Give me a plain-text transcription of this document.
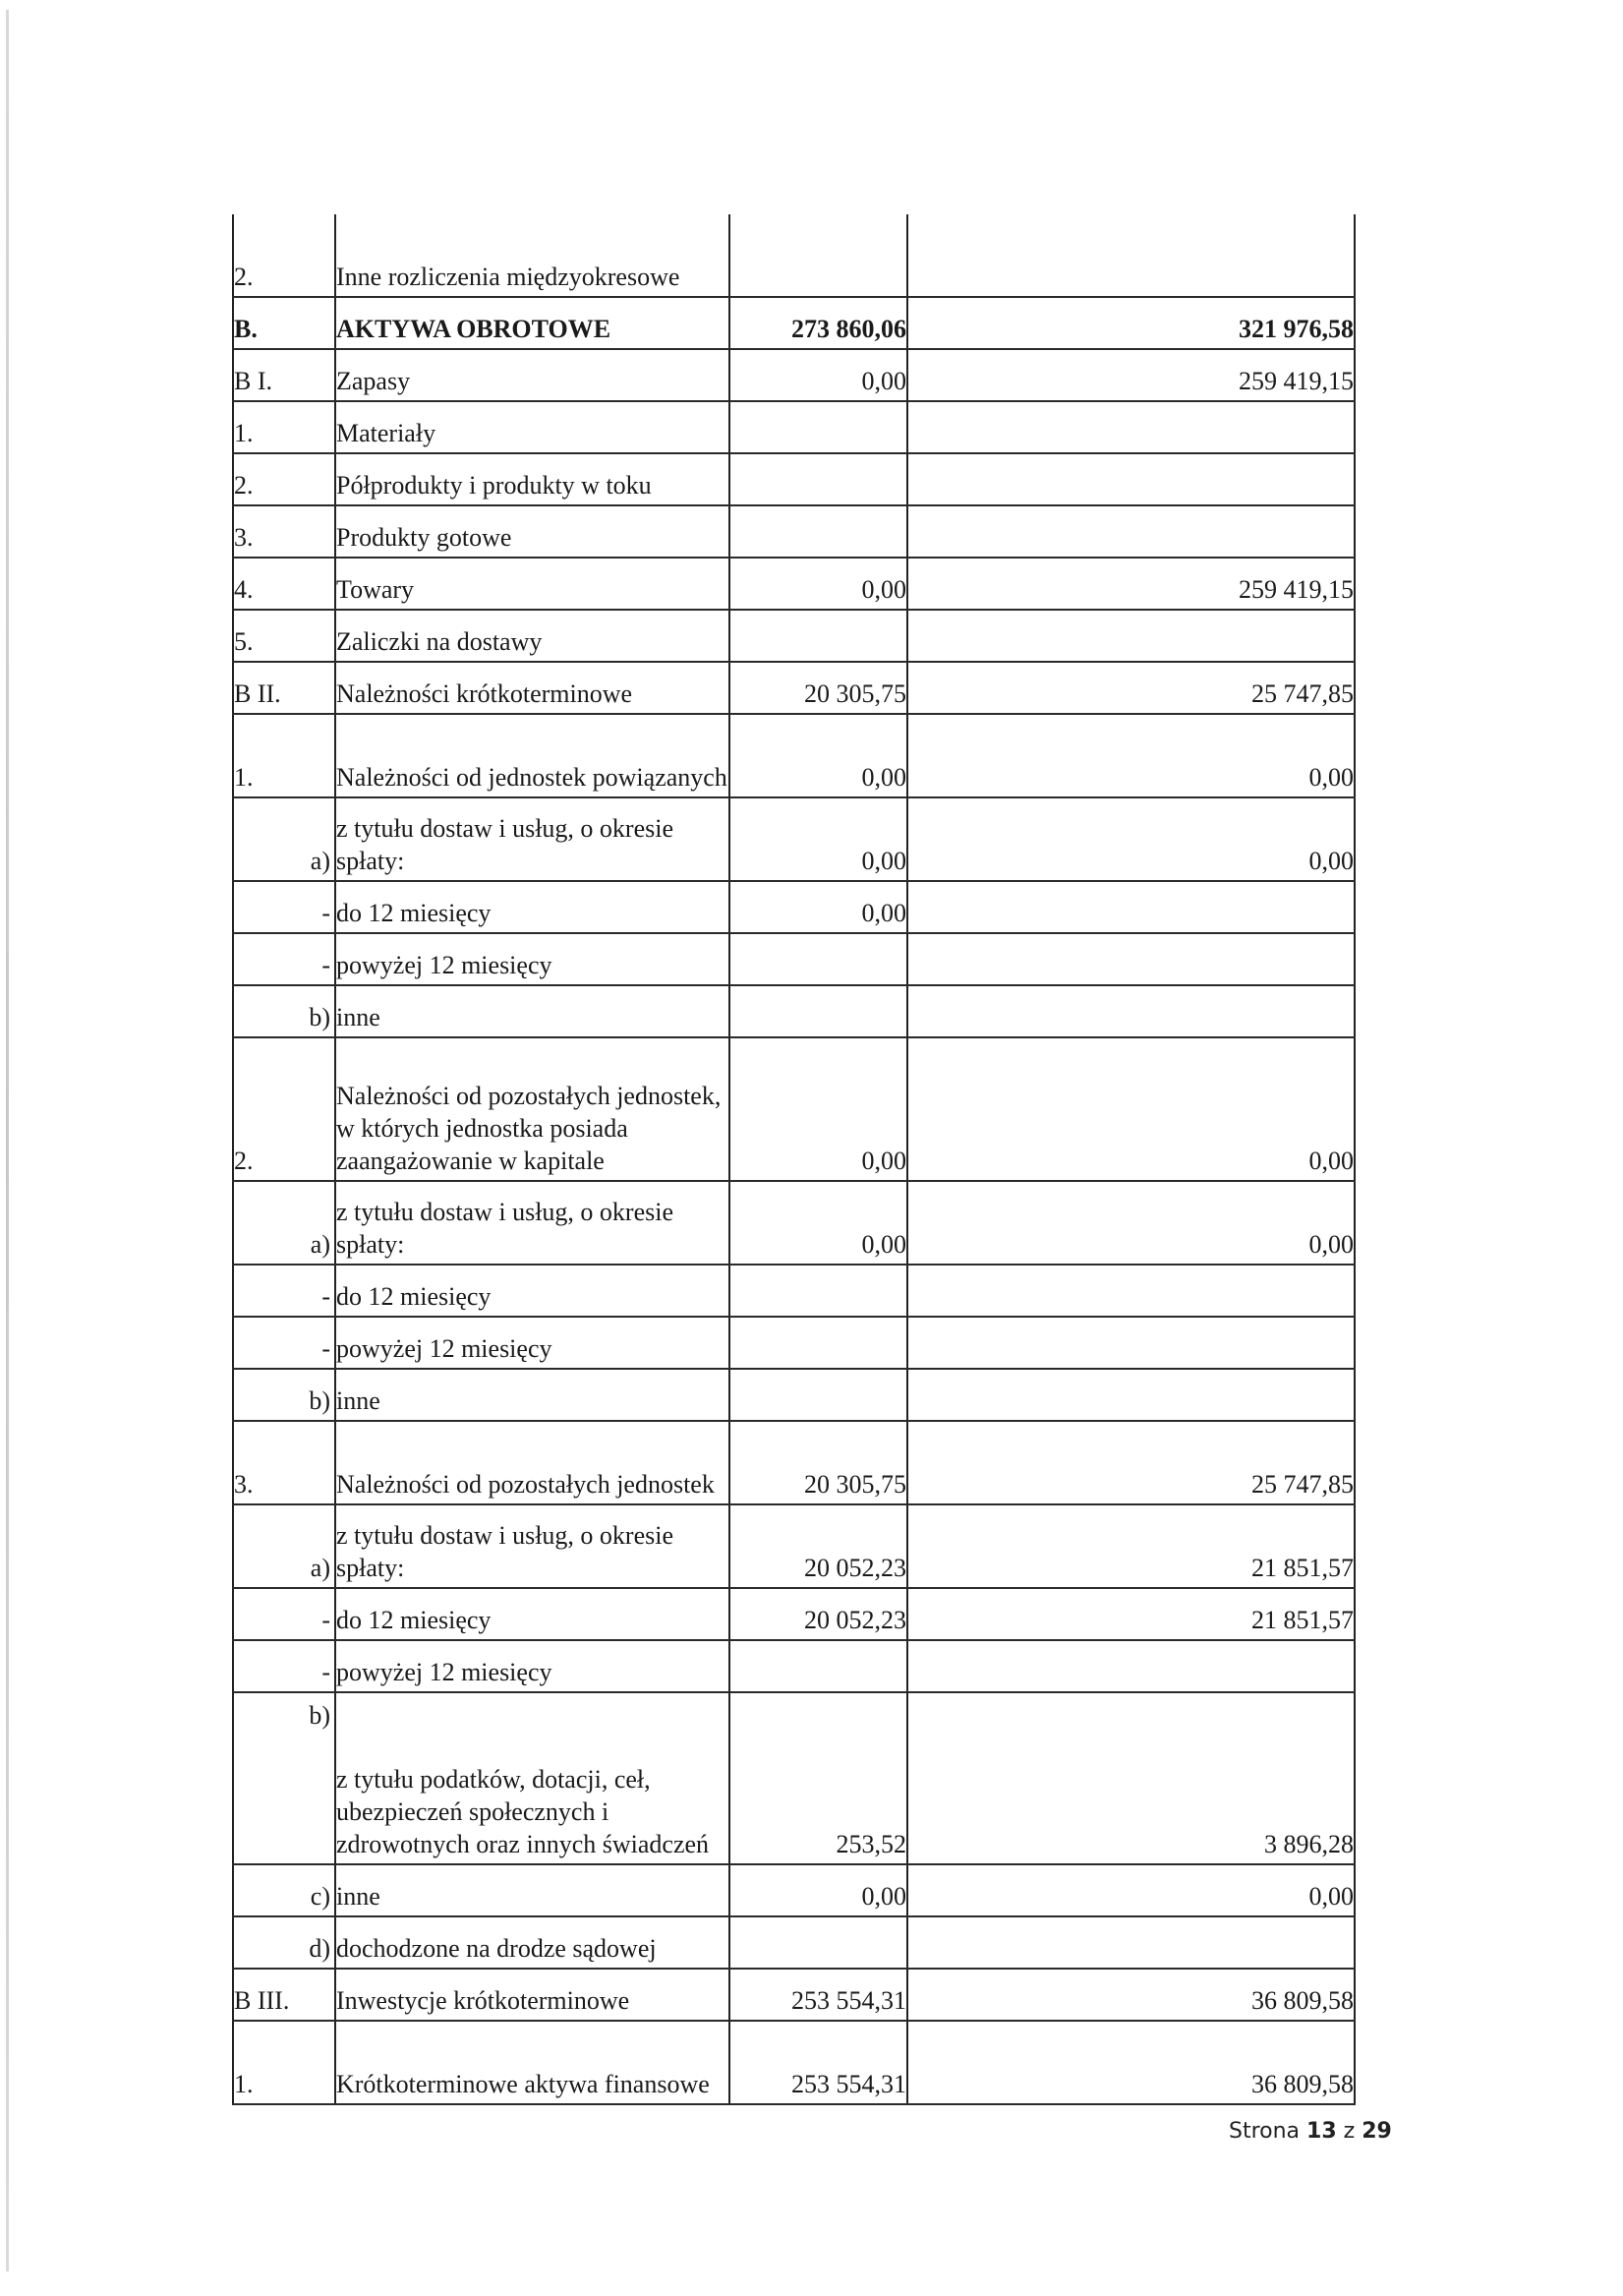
2.	Inne rozliczenia międzyokresowe		
B.	AKTYWA OBROTOWE	273 860,06	321 976,58
B I.	Zapasy	0,00	259 419,15
1.	Materiały		
2.	Półprodukty i produkty w toku		
3.	Produkty gotowe		
4.	Towary	0,00	259 419,15
5.	Zaliczki na dostawy		
B II.	Należności krótkoterminowe	20 305,75	25 747,85
1.	Należności od jednostek powiązanych	0,00	0,00
a)	z tytułu dostaw i usług, o okresie spłaty:	0,00	0,00
-	do 12 miesięcy	0,00	
-	powyżej 12 miesięcy		
b)	inne		
2.	Należności od pozostałych jednostek, w których jednostka posiada zaangażowanie w kapitale	0,00	0,00
a)	z tytułu dostaw i usług, o okresie spłaty:	0,00	0,00
-	do 12 miesięcy		
-	powyżej 12 miesięcy		
b)	inne		
3.	Należności od pozostałych jednostek	20 305,75	25 747,85
a)	z tytułu dostaw i usług, o okresie spłaty:	20 052,23	21 851,57
-	do 12 miesięcy	20 052,23	21 851,57
-	powyżej 12 miesięcy		
b)	z tytułu podatków, dotacji, ceł, ubezpieczeń społecznych i zdrowotnych oraz innych świadczeń	253,52	3 896,28
c)	inne	0,00	0,00
d)	dochodzone na drodze sądowej		
B III.	Inwestycje krótkoterminowe	253 554,31	36 809,58
1.	Krótkoterminowe aktywa finansowe	253 554,31	36 809,58
Strona 13 z 29
